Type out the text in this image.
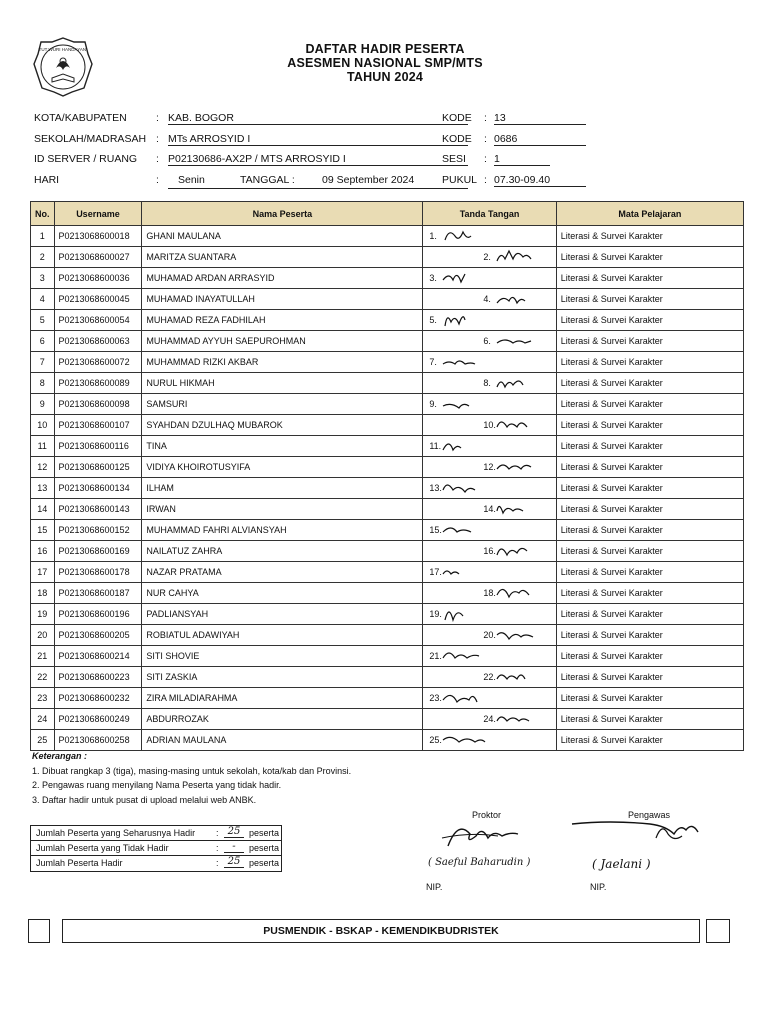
TUT WURI HANDAYANI	DAFTAR HADIR PESERTA
ASESMEN NASIONAL SMP/MTS
TAHUN 2024
KOTA/KABUPATEN	: KAB. BOGOR	KODE : 13
SEKOLAH/MADRASAH : MTs ARROSYID I	KODE : 0686
ID SERVER / RUANG : P02130686-AX2P / MTS ARROSYID I	SESI : 1
HARI	: Senin	TANGGAL :	09 September 2024	PUKUL : 07.30-09.40
No.	Username	Nama Peserta	Tanda Tangan	Mata Pelajaran
1	P0213068600018	GHANI MAULANA	1.	Literasi & Survei Karakter
2	P0213068600027	MARITZA SUANTARA	2.	Literasi & Survei Karakter
3	P0213068600036	MUHAMAD ARDAN ARRASYID	3.	Literasi & Survei Karakter
4	P0213068600045	MUHAMAD INAYATULLAH	4.	Literasi & Survei Karakter
5	P0213068600054	MUHAMAD REZA FADHILAH	5.	Literasi & Survei Karakter
6	P0213068600063	MUHAMMAD AYYUH SAEPUROHMAN	6.	Literasi & Survei Karakter
7	P0213068600072	MUHAMMAD RIZKI AKBAR	7.	Literasi & Survei Karakter
8	P0213068600089	NURUL HIKMAH	8.	Literasi & Survei Karakter
9	P0213068600098	SAMSURI	9.	Literasi & Survei Karakter
10	P0213068600107	SYAHDAN DZULHAQ MUBAROK	10.	Literasi & Survei Karakter
11	P0213068600116	TINA	11.	Literasi & Survei Karakter
12	P0213068600125	VIDIYA KHOIROTUSYIFA	12.	Literasi & Survei Karakter
13	P0213068600134	ILHAM	13.	Literasi & Survei Karakter
14	P0213068600143	IRWAN	14.	Literasi & Survei Karakter
15	P0213068600152	MUHAMMAD FAHRI ALVIANSYAH	15.	Literasi & Survei Karakter
16	P0213068600169	NAILATUZ ZAHRA	16.	Literasi & Survei Karakter
17	P0213068600178	NAZAR PRATAMA	17.	Literasi & Survei Karakter
18	P0213068600187	NUR CAHYA	18.	Literasi & Survei Karakter
19	P0213068600196	PADLIANSYAH	19.	Literasi & Survei Karakter
20	P0213068600205	ROBIATUL ADAWIYAH	20.	Literasi & Survei Karakter
21	P0213068600214	SITI SHOVIE	21.	Literasi & Survei Karakter
22	P0213068600223	SITI ZASKIA	22.	Literasi & Survei Karakter
23	P0213068600232	ZIRA MILADIARAHMA	23.	Literasi & Survei Karakter
24	P0213068600249	ABDURROZAK	24.	Literasi & Survei Karakter
25	P0213068600258	ADRIAN MAULANA	25.	Literasi & Survei Karakter
Keterangan :
1. Dibuat rangkap 3 (tiga), masing-masing untuk sekolah, kota/kab dan Provinsi.
2. Pengawas ruang menyilang Nama Peserta yang tidak hadir.
3. Daftar hadir untuk pusat di upload melalui web ANBK.
Jumlah Peserta yang Seharusnya Hadir : 25 peserta
Jumlah Peserta yang Tidak Hadir	:	-	peserta
Jumlah Peserta Hadir	: 25 peserta
Proktor
( Saeful Baharudin )
NIP.
Pengawas
( Jaelani )
NIP.
PUSMENDIK - BSKAP - KEMENDIKBUDRISTEK
